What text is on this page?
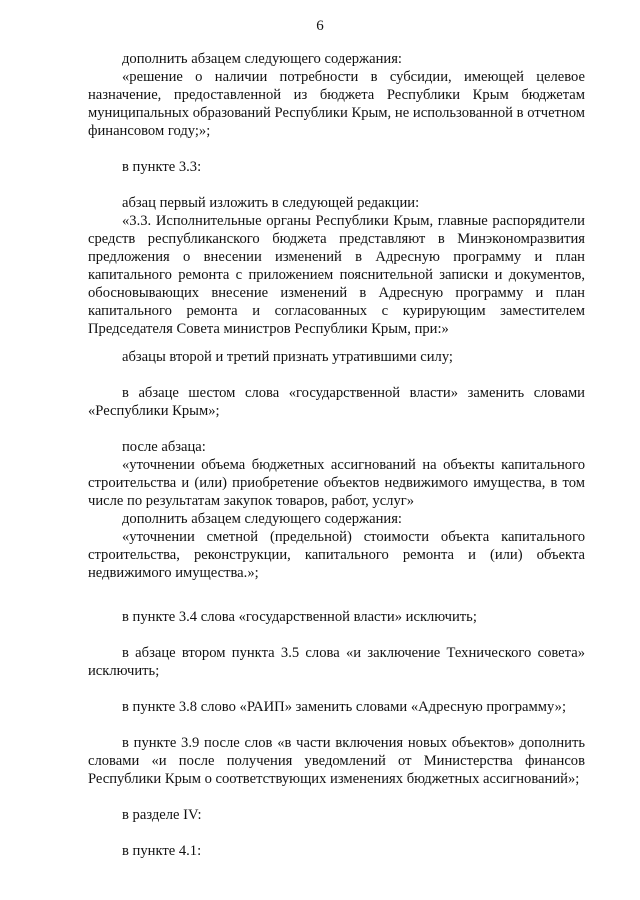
6

дополнить абзацем следующего содержания:

«решение о наличии потребности в субсидии, имеющей целевое назначение, предоставленной из бюджета Республики Крым бюджетам муниципальных образований Республики Крым, не использованной в отчетном финансовом году;»;

в пункте 3.3:

абзац первый изложить в следующей редакции:

«3.3. Исполнительные органы Республики Крым, главные распорядители средств республиканского бюджета представляют в Минэкономразвития предложения о внесении изменений в Адресную программу и план капитального ремонта с приложением пояснительной записки и документов, обосновывающих внесение изменений в Адресную программу и план капитального ремонта и согласованных с курирующим заместителем Председателя Совета министров Республики Крым, при:»

абзацы второй и третий признать утратившими силу;

в абзаце шестом слова «государственной власти» заменить словами «Республики Крым»;

после абзаца:

«уточнении объема бюджетных ассигнований на объекты капитального строительства и (или) приобретение объектов недвижимого имущества, в том числе по результатам закупок товаров, работ, услуг»

дополнить абзацем следующего содержания:

«уточнении сметной (предельной) стоимости объекта капитального строительства, реконструкции, капитального ремонта и (или) объекта недвижимого имущества.»;

в пункте 3.4 слова «государственной власти» исключить;

в абзаце втором пункта 3.5 слова «и заключение Технического совета» исключить;

в пункте 3.8 слово «РАИП» заменить словами «Адресную программу»;

в пункте 3.9 после слов «в части включения новых объектов» дополнить словами «и после получения уведомлений от Министерства финансов Республики Крым о соответствующих изменениях бюджетных ассигнований»;

в разделе IV:

в пункте 4.1:
